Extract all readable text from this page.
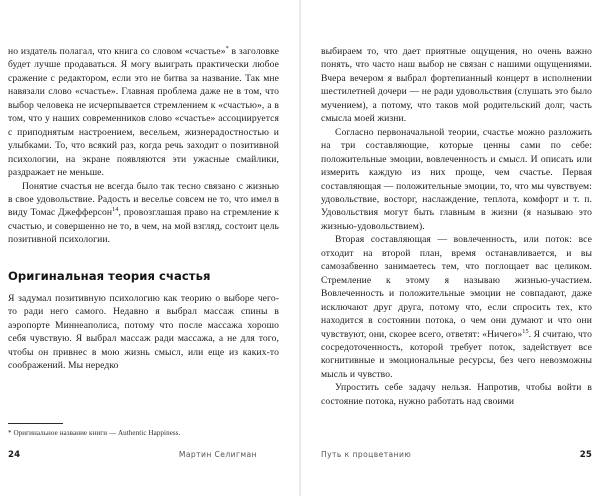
но издатель полагал, что книга со словом «счастье»* в заголовке будет лучше продаваться. Я могу выиграть практически любое сражение с редактором, если это не битва за название. Так мне навязали слово «счастье». Главная проблема даже не в том, что выбор человека не исчерпывается стремлением к «счастью», а в том, что у наших современников слово «счастье» ассоциируется с приподнятым настроением, весельем, жизнерадостностью и улыбками. То, что всякий раз, когда речь заходит о позитивной психологии, на экране появляются эти ужасные смайлики, раздражает не меньше.

Понятие счастья не всегда было так тесно связано с жизнью в свое удовольствие. Радость и веселье совсем не то, что имел в виду Томас Джефферсон$^{14}$, провозглашая право на стремление к счастью, и совершенно не то, в чем, на мой взгляд, состоит цель позитивной психологии.

Оригинальная теория счастья

Я задумал позитивную психологию как теорию о выборе чего-то ради него самого. Недавно я выбрал массаж спины в аэропорте Миннеаполиса, потому что после массажа хорошо себя чувствую. Я выбрал массаж ради массажа, а не для того, чтобы он привнес в мою жизнь смысл, или еще из каких-то соображений. Мы нередко

* Оригинальное название книги — Authentic Happiness.

24	Мартин Селигман

выбираем то, что дает приятные ощущения, но очень важно понять, что часто наш выбор не связан с нашими ощущениями. Вчера вечером я выбрал фортепианный концерт в исполнении шестилетней дочери — не ради удовольствия (слушать это было мучением), а потому, что таков мой родительский долг, часть смысла моей жизни.

Согласно первоначальной теории, счастье можно разложить на три составляющие, которые ценны сами по себе: положительные эмоции, вовлеченность и смысл. И описать или измерить каждую из них проще, чем счастье. Первая составляющая — положительные эмоции, то, что мы чувствуем: удовольствие, восторг, наслаждение, теплота, комфорт и т. п. Удовольствия могут быть главным в жизни (я называю это жизнью-удовольствием).

Вторая составляющая — вовлеченность, или поток: все отходит на второй план, время останавливается, и вы самозабвенно занимаетесь тем, что поглощает вас целиком. Стремление к этому я называю жизнью-участием. Вовлеченность и положительные эмоции не совпадают, даже исключают друг друга, потому что, если спросить тех, кто находится в состоянии потока, о чем они думают и что они чувствуют, они, скорее всего, ответят: «Ничего»$^{15}$. Я считаю, что сосредоточенность, которой требует поток, задействует все когнитивные и эмоциональные ресурсы, без чего невозможны мысль и чувство.

Упростить себе задачу нельзя. Напротив, чтобы войти в состояние потока, нужно работать над своими

Путь к процветанию	25
